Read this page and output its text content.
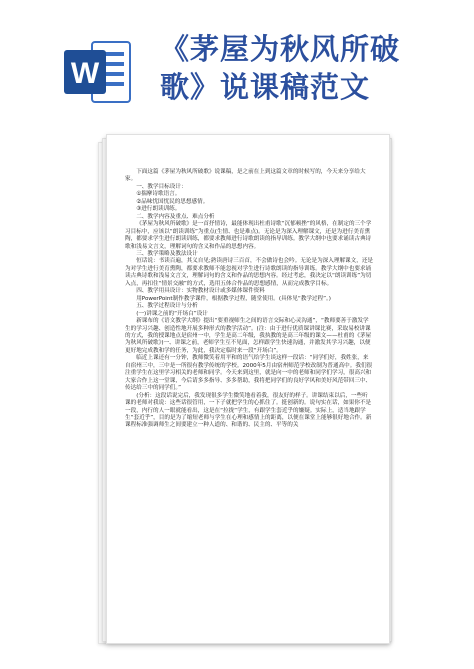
W
《茅屋为秋风所破
歌》说课稿范文

下面这篇《茅屋为秋风所破歌》说课稿，是之前在上到这篇文章的时候写的，今天来分享给大家。

一、教学目标设计：

①揣摩诗歌语言。

②品味忧国忧民的思想感情。

③进行朗读训练。

二、教学内容及重点、难点分析

《茅屋为秋风所破歌》是一首抒情诗，最能体现出杜甫诗歌“沉郁顿挫”的风格，在制定的三个学习目标中，应该以“朗读训练”为重点(生情、也是难点)。无论是为深入理解课文，还是为进行美育熏陶，都要求学生进行朗读训练，都要求教师进行诗歌朗读的指导训练。教学大纲中也要求诵读古典诗歌和浅易文言文，理解词句的含义和作品的思想内容。

三、教学策略及教法设计

恒话说：书读百遍，其义自见;熟读唐诗三百首，不会做诗也会吟。无论是为深入理解课文，还是为对学生进行美育熏陶，都要求教师不能忽视对学生进行诗歌朗读的指导训练。教学大纲中也要求诵读古典诗歌和浅易文言文，理解词句的含义和作品的思想内容。经过考虑，我决定以“朗读训练”为切入点，再扣住“情景交融”的方式，选用五体合作品的思想感情，从而完成教学目标。

四、教学用具设计：实物教材设计或多媒体课件资料

用PowerPoint制作教学课件，根据教学过程，随堂使用。(具体见“教学过程”。)

五、教学过程设计与分析

(一)讲课之前的“开场白”设计

新课布的《语文教学大纲》提出“要重视师生之间的语言交际和心灵沟通”，“教师要善于激发学生的学习兴趣、创造性地开展多种形式的教学活动”。(注：由于进行优质课讲课比赛，采取易校讲课的方式，我的授课地点是宿州一中，学生是高二年级，我执教的是高三年级的课文——杜甫的《茅屋为秋风所破歌》)一、讲课之前，老师学生互不见面，怎样跟学生快速沟通，并激发其学习兴趣，以便更好地完成教和学的任务，为此，我决定临时来一段“开场白”。

临近上课还有一分钟，教师微笑着用平和的语气给学生谈这样一段话：“同学们好，我姓张，来自宿州三中，三中是一所很有教学传统的学校。2000年5月由宿州师范学校改制为普通高中。我们很注重学生在这里学习相关的老师和同学。今天来到这里，就是向一中的老师和同学们学习，很高兴和大家合作上这一堂课，今后请多多指导、多多帮助，我将把同学们的良好学风和美好风范带回三中、传达给三中的同学们。”

(分析：这段话说完后，我发现很多学生微笑地看着我，很友好的样子。讲课结束以后，一些听课的老师对我说：这些话很管用，一下子就把学生的心抓住了。挺创新的。说句实在话，如果你不是一段，内行的人一眼就能看出，这是在“拉拢”学生，有跟学生套近乎的嫌疑。实际上，适当地跟学生“套近乎”，目的是为了缩短老师与学生在心理和感情上的距离，以便在课堂上能够很好地合作。新课程标准强调师生之间要建立一种人道的、和谐的、民主的、平等的关
